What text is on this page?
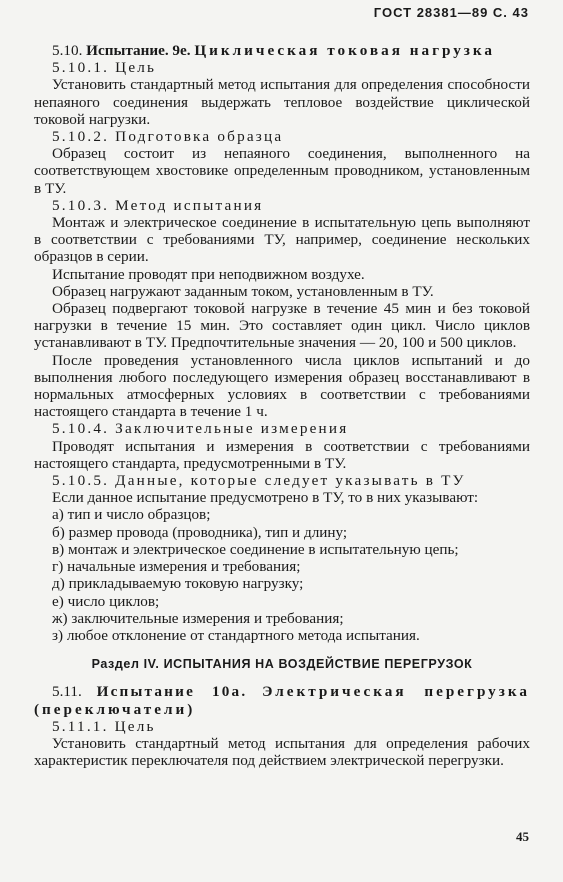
ГОСТ 28381—89 С. 43

5.10. Испытание. 9е. Циклическая токовая нагрузка

5.10.1. Цель

Установить стандартный метод испытания для определения способности непаяного соединения выдержать тепловое воздействие циклической токовой нагрузки.

5.10.2. Подготовка образца

Образец состоит из непаяного соединения, выполненного на соответствующем хвостовике определенным проводником, установленным в ТУ.

5.10.3. Метод испытания

Монтаж и электрическое соединение в испытательную цепь выполняют в соответствии с требованиями ТУ, например, соединение нескольких образцов в серии.

Испытание проводят при неподвижном воздухе.

Образец нагружают заданным током, установленным в ТУ.

Образец подвергают токовой нагрузке в течение 45 мин и без токовой нагрузки в течение 15 мин. Это составляет один цикл. Число циклов устанавливают в ТУ. Предпочтительные значения — 20, 100 и 500 циклов.

После проведения установленного числа циклов испытаний и до выполнения любого последующего измерения образец восстанавливают в нормальных атмосферных условиях в соответствии с требованиями настоящего стандарта в течение 1 ч.

5.10.4. Заключительные измерения

Проводят испытания и измерения в соответствии с требованиями настоящего стандарта, предусмотренными в ТУ.

5.10.5. Данные, которые следует указывать в ТУ

Если данное испытание предусмотрено в ТУ, то в них указывают:

а) тип и число образцов;

б) размер провода (проводника), тип и длину;

в) монтаж и электрическое соединение в испытательную цепь;

г) начальные измерения и требования;

д) прикладываемую токовую нагрузку;

е) число циклов;

ж) заключительные измерения и требования;

з) любое отклонение от стандартного метода испытания.

Раздел IV. ИСПЫТАНИЯ НА ВОЗДЕЙСТВИЕ ПЕРЕГРУЗОК

5.11. Испытание 10а. Электрическая перегрузка (переключатели)

5.11.1. Цель

Установить стандартный метод испытания для определения рабочих характеристик переключателя под действием электрической перегрузки.

45
